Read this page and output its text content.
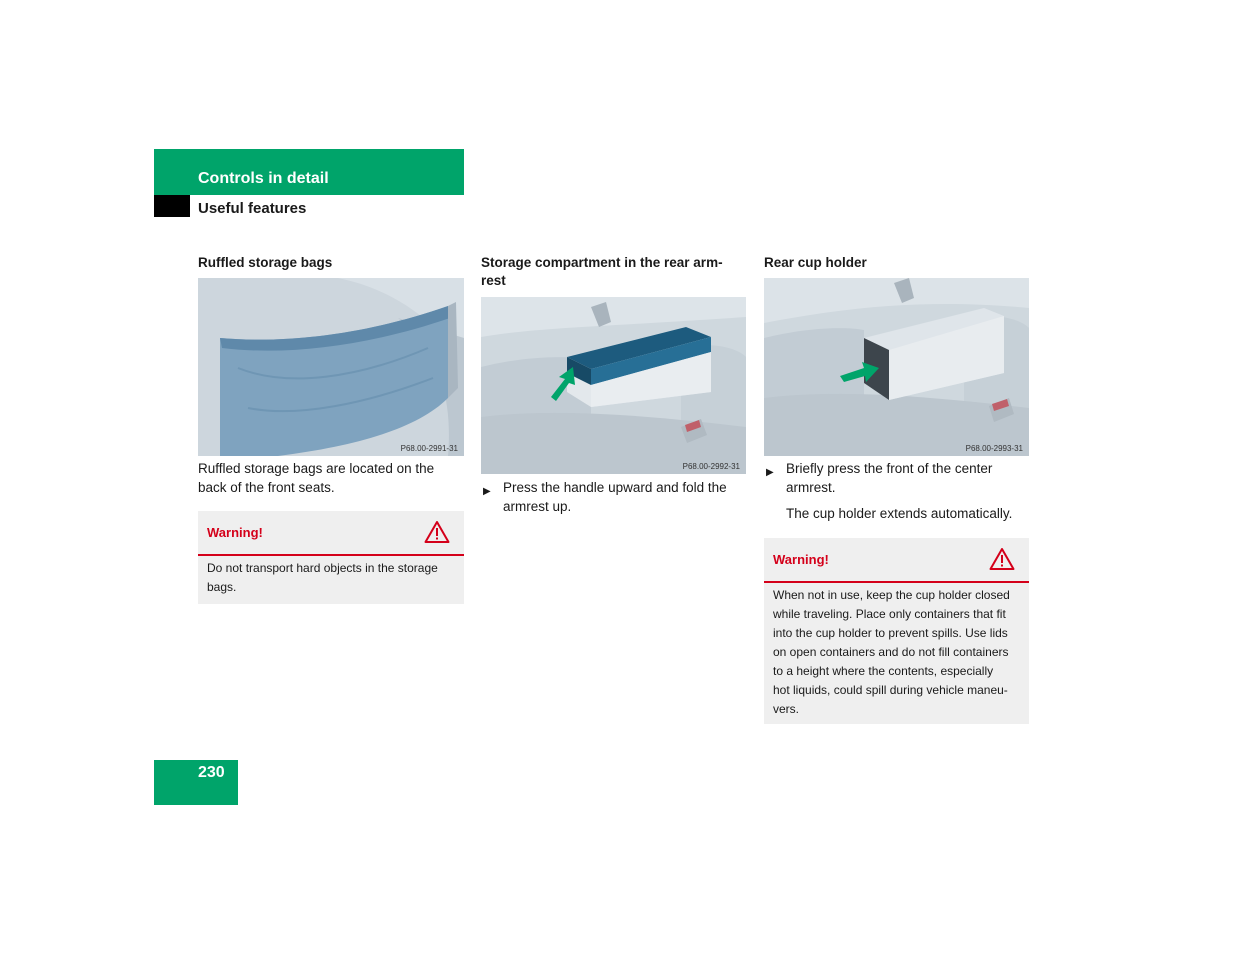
Controls in detail
Useful features
Ruffled storage bags
P68.00-2991-31
Ruffled storage bags are located on the
back of the front seats.
Warning!
Do not transport hard objects in the storage
bags.
Storage compartment in the rear arm-
rest
P68.00-2992-31
▶ Press the handle upward and fold the
armrest up.
Rear cup holder
P68.00-2993-31
▶ Briefly press the front of the center
armrest.
The cup holder extends automatically.
Warning!
When not in use, keep the cup holder closed
while traveling. Place only containers that fit
into the cup holder to prevent spills. Use lids
on open containers and do not fill containers
to a height where the contents, especially
hot liquids, could spill during vehicle maneu-
vers.
230
